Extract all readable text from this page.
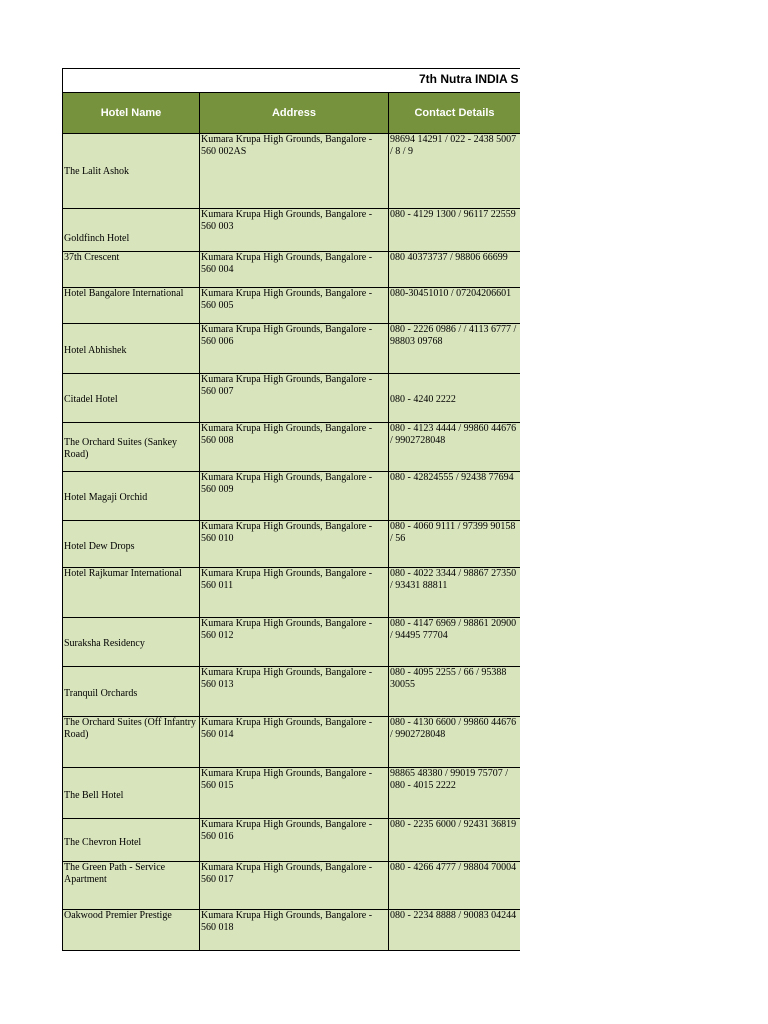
7th Nutra INDIA S
Hotel Name	Address	Contact Details
The Lalit Ashok	Kumara Krupa High Grounds, Bangalore - 560 002AS	98694 14291 / 022 - 2438 5007 / 8 / 9
Goldfinch Hotel	Kumara Krupa High Grounds, Bangalore - 560 003	080 - 4129 1300 / 96117 22559
37th Crescent	Kumara Krupa High Grounds, Bangalore - 560 004	080 40373737 / 98806 66699
Hotel Bangalore International	Kumara Krupa High Grounds, Bangalore - 560 005	080-30451010 / 07204206601
Hotel Abhishek	Kumara Krupa High Grounds, Bangalore - 560 006	080 - 2226 0986 / / 4113 6777 / 98803 09768
Citadel Hotel	Kumara Krupa High Grounds, Bangalore - 560 007	080 - 4240 2222
The Orchard Suites (Sankey Road)	Kumara Krupa High Grounds, Bangalore - 560 008	080 - 4123 4444 / 99860 44676 / 9902728048
Hotel Magaji Orchid	Kumara Krupa High Grounds, Bangalore - 560 009	080 - 42824555 / 92438 77694
Hotel Dew Drops	Kumara Krupa High Grounds, Bangalore - 560 010	080 - 4060 9111 / 97399 90158 / 56
Hotel Rajkumar International	Kumara Krupa High Grounds, Bangalore - 560 011	080 - 4022 3344 / 98867 27350 / 93431 88811
Suraksha Residency	Kumara Krupa High Grounds, Bangalore - 560 012	080 - 4147 6969 / 98861 20900 / 94495 77704
Tranquil Orchards	Kumara Krupa High Grounds, Bangalore - 560 013	080 - 4095 2255 / 66 / 95388 30055
The Orchard Suites (Off Infantry Road)	Kumara Krupa High Grounds, Bangalore - 560 014	080 - 4130 6600 / 99860 44676 / 9902728048
The Bell Hotel	Kumara Krupa High Grounds, Bangalore - 560 015	98865 48380 / 99019 75707 / 080 - 4015 2222
The Chevron Hotel	Kumara Krupa High Grounds, Bangalore - 560 016	080 - 2235 6000 / 92431 36819
The Green Path - Service Apartment	Kumara Krupa High Grounds, Bangalore - 560 017	080 - 4266 4777 / 98804 70004
Oakwood Premier Prestige	Kumara Krupa High Grounds, Bangalore - 560 018	080 - 2234 8888 / 90083 04244
